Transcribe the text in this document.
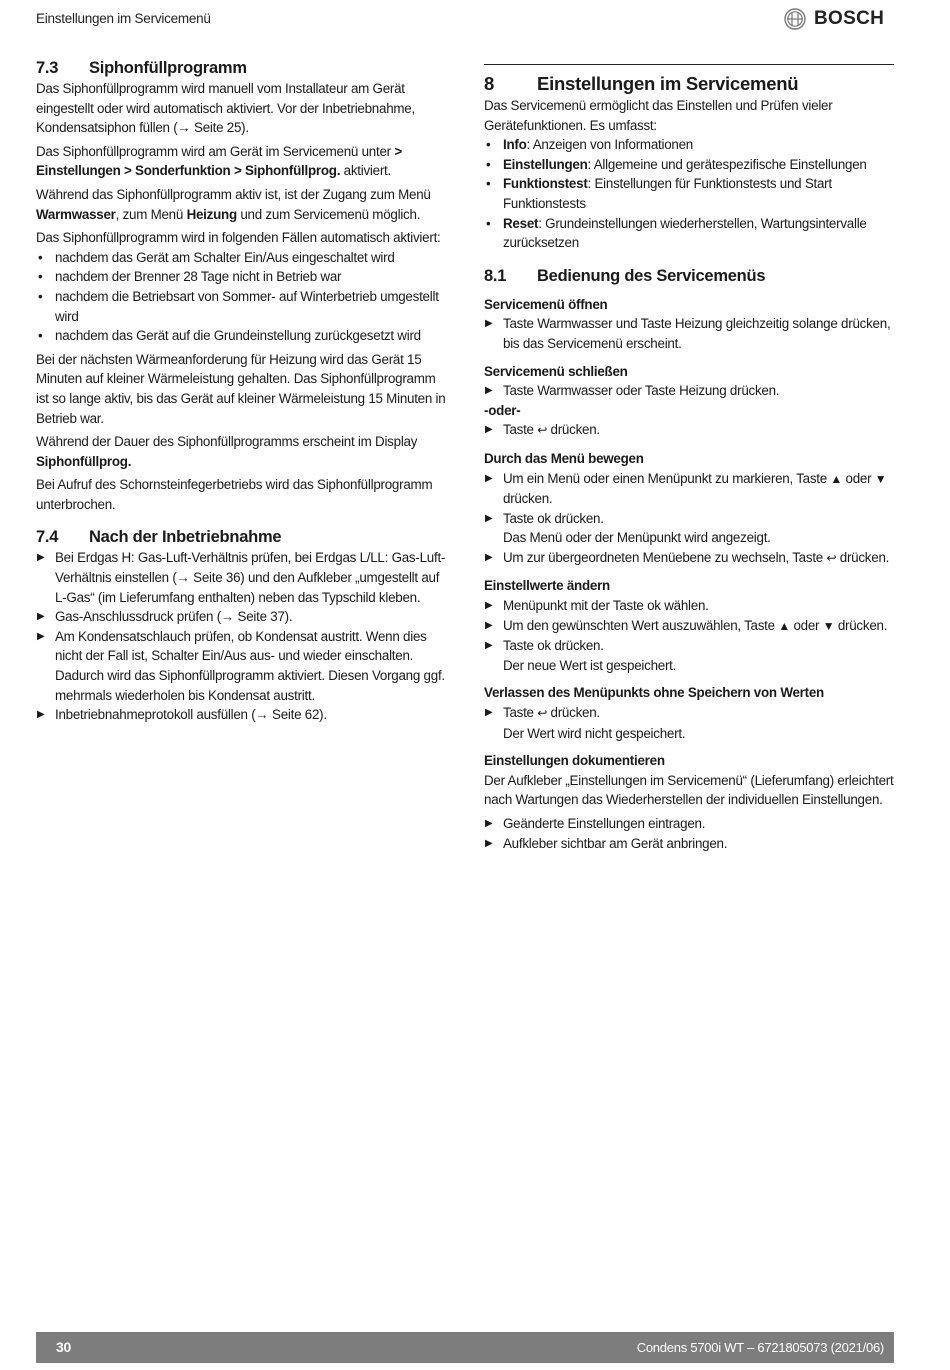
Einstellungen im Servicemenü	BOSCH
7.3	Siphonfüllprogramm

Das Siphonfüllprogramm wird manuell vom Installateur am Gerät eingestellt oder wird automatisch aktiviert. Vor der Inbetriebnahme, Kondensatsiphon füllen (→ Seite 25).

Das Siphonfüllprogramm wird am Gerät im Servicemenü unter > Einstellungen > Sonderfunktion > Siphonfüllprog. aktiviert.

Während das Siphonfüllprogramm aktiv ist, ist der Zugang zum Menü Warmwasser, zum Menü Heizung und zum Servicemenü möglich.

Das Siphonfüllprogramm wird in folgenden Fällen automatisch aktiviert:

• nachdem das Gerät am Schalter Ein/Aus eingeschaltet wird
• nachdem der Brenner 28 Tage nicht in Betrieb war
• nachdem die Betriebsart von Sommer- auf Winterbetrieb umgestellt wird
• nachdem das Gerät auf die Grundeinstellung zurückgesetzt wird

Bei der nächsten Wärmeanforderung für Heizung wird das Gerät 15 Minuten auf kleiner Wärmeleistung gehalten. Das Siphonfüllprogramm ist so lange aktiv, bis das Gerät auf kleiner Wärmeleistung 15 Minuten in Betrieb war.

Während der Dauer des Siphonfüllprogramms erscheint im Display Siphonfüllprog.

Bei Aufruf des Schornsteinfegerbetriebs wird das Siphonfüllprogramm unterbrochen.

7.4	Nach der Inbetriebnahme
▶ Bei Erdgas H: Gas-Luft-Verhältnis prüfen, bei Erdgas L/LL: Gas-Luft-Verhältnis einstellen (→ Seite 36) und den Aufkleber „umgestellt auf L-Gas“ (im Lieferumfang enthalten) neben das Typschild kleben.
▶ Gas-Anschlussdruck prüfen (→ Seite 37).
▶ Am Kondensatschlauch prüfen, ob Kondensat austritt. Wenn dies nicht der Fall ist, Schalter Ein/Aus aus- und wieder einschalten. Dadurch wird das Siphonfüllprogramm aktiviert. Diesen Vorgang ggf. mehrmals wiederholen bis Kondensat austritt.
▶ Inbetriebnahmeprotokoll ausfüllen (→ Seite 62).
8	Einstellungen im Servicemenü

Das Servicemenü ermöglicht das Einstellen und Prüfen vieler Gerätefunktionen. Es umfasst:

• Info: Anzeigen von Informationen
• Einstellungen: Allgemeine und gerätespezifische Einstellungen
• Funktionstest: Einstellungen für Funktionstests und Start Funktionstests
• Reset: Grundeinstellungen wiederherstellen, Wartungsintervalle zurücksetzen
8.1	Bedienung des Servicemenüs

Servicemenü öffnen

▶ Taste Warmwasser und Taste Heizung gleichzeitig solange drücken, bis das Servicemenü erscheint.

Servicemenü schließen

▶ Taste Warmwasser oder Taste Heizung drücken.

-oder-

▶ Taste ↩ drücken.

Durch das Menü bewegen

▶ Um ein Menü oder einen Menüpunkt zu markieren, Taste ▲ oder ▼ drücken.
▶ Taste ok drücken.
Das Menü oder der Menüpunkt wird angezeigt.
▶ Um zur übergeordneten Menüebene zu wechseln, Taste ↩ drücken.

Einstellwerte ändern

▶ Menüpunkt mit der Taste ok wählen.
▶ Um den gewünschten Wert auszuwählen, Taste ▲ oder ▼ drücken.
▶ Taste ok drücken.
Der neue Wert ist gespeichert.

Verlassen des Menüpunkts ohne Speichern von Werten

▶ Taste ↩ drücken.
Der Wert wird nicht gespeichert.

Einstellungen dokumentieren

Der Aufkleber „Einstellungen im Servicemenü“ (Lieferumfang) erleichtert nach Wartungen das Wiederherstellen der individuellen Einstellungen.

▶ Geänderte Einstellungen eintragen.
▶ Aufkleber sichtbar am Gerät anbringen.
30	Condens 5700i WT – 6721805073 (2021/06)
